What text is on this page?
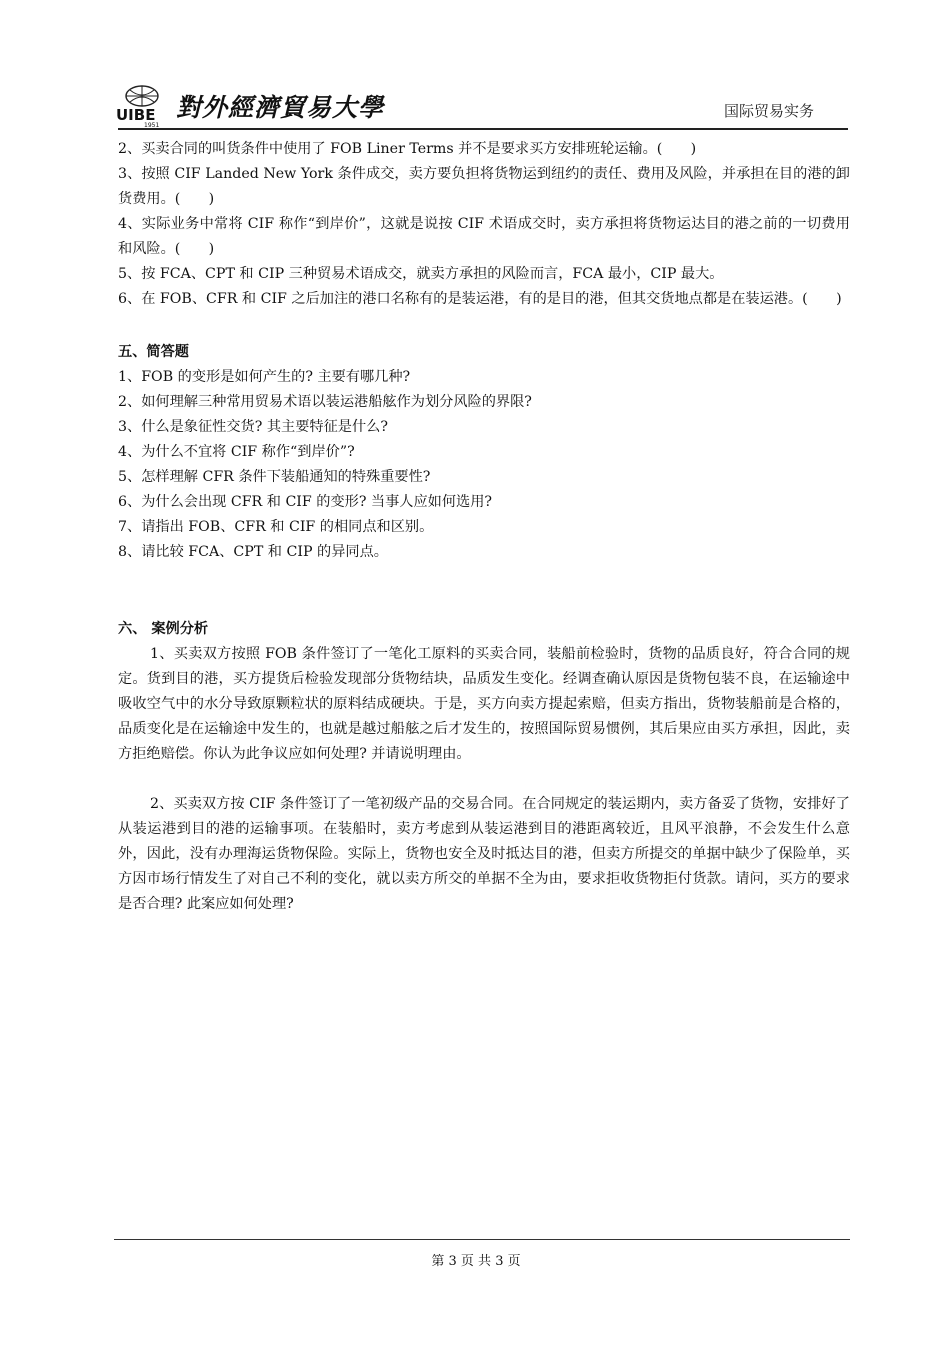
UIBE
1951
對外經濟貿易大學	国际贸易实务
2、买卖合同的叫货条件中使用了 FOB Liner Terms 并不是要求买方安排班轮运输。(　　)
3、按照 CIF Landed New York 条件成交，卖方要负担将货物运到纽约的责任、费用及风险，并承担在目的港的卸货费用。(　　)
4、实际业务中常将 CIF 称作“到岸价”，这就是说按 CIF 术语成交时，卖方承担将货物运达目的港之前的一切费用和风险。(　　)
5、按 FCA、CPT 和 CIP 三种贸易术语成交，就卖方承担的风险而言，FCA 最小，CIP 最大。
6、在 FOB、CFR 和 CIF 之后加注的港口名称有的是装运港，有的是目的港，但其交货地点都是在装运港。(　　)
五、简答题
1、FOB 的变形是如何产生的? 主要有哪几种?
2、如何理解三种常用贸易术语以装运港船舷作为划分风险的界限?
3、什么是象征性交货? 其主要特征是什么?
4、为什么不宜将 CIF 称作“到岸价”?
5、怎样理解 CFR 条件下装船通知的特殊重要性?
6、为什么会出现 CFR 和 CIF 的变形? 当事人应如何选用?
7、请指出 FOB、CFR 和 CIF 的相同点和区别。
8、请比较 FCA、CPT 和 CIP 的异同点。
六、 案例分析
1、买卖双方按照 FOB 条件签订了一笔化工原料的买卖合同，装船前检验时，货物的品质良好，符合合同的规定。货到目的港，买方提货后检验发现部分货物结块，品质发生变化。经调查确认原因是货物包装不良，在运输途中吸收空气中的水分导致原颗粒状的原料结成硬块。于是，买方向卖方提起索赔，但卖方指出，货物装船前是合格的，品质变化是在运输途中发生的，也就是越过船舷之后才发生的，按照国际贸易惯例，其后果应由买方承担，因此，卖方拒绝赔偿。你认为此争议应如何处理? 并请说明理由。
2、买卖双方按 CIF 条件签订了一笔初级产品的交易合同。在合同规定的装运期内，卖方备妥了货物，安排好了从装运港到目的港的运输事项。在装船时，卖方考虑到从装运港到目的港距离较近，且风平浪静，不会发生什么意外，因此，没有办理海运货物保险。实际上，货物也安全及时抵达目的港，但卖方所提交的单据中缺少了保险单，买方因市场行情发生了对自己不利的变化，就以卖方所交的单据不全为由，要求拒收货物拒付货款。请问，买方的要求是否合理? 此案应如何处理?
第 3 页 共 3 页
